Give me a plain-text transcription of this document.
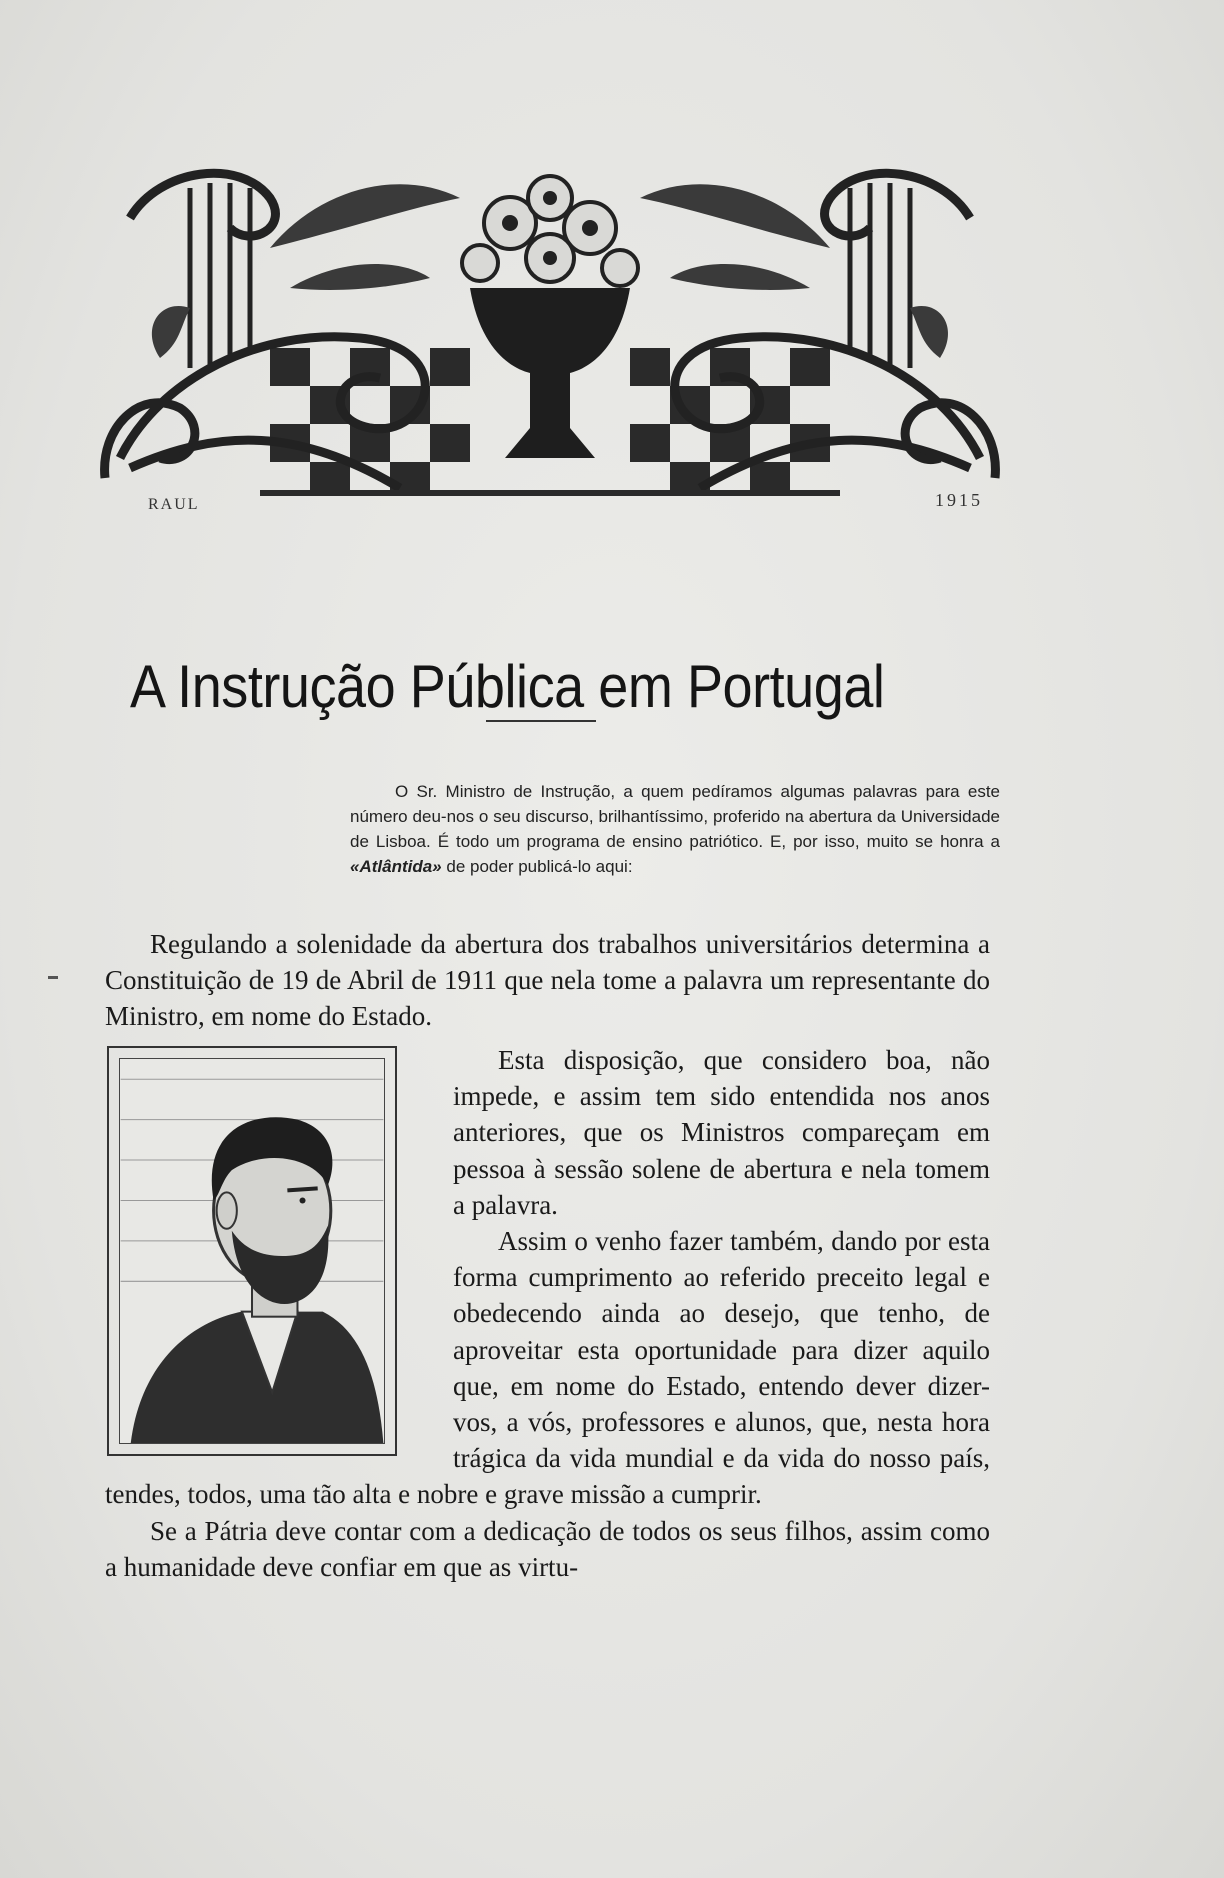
RAUL	1915
A Instrução Pública em Portugal

O Sr. Ministro de Instrução, a quem pedíramos algumas palavras para este número deu-nos o seu discurso, brilhantíssimo, proferido na abertura da Universidade de Lisboa. É todo um programa de ensino patriótico. E, por isso, muito se honra a «Atlântida» de poder publicá-lo aqui:

Regulando a solenidade da abertura dos trabalhos universitários determina a Constituição de 19 de Abril de 1911 que nela tome a palavra um representante do Ministro, em nome do Estado.

Esta disposição, que considero boa, não impede, e assim tem sido entendida nos anos anteriores, que os Ministros compareçam em pessoa à sessão solene de abertura e nela tomem a palavra.

Assim o venho fazer também, dando por esta forma cumprimento ao referido preceito legal e obedecendo ainda ao desejo, que tenho, de aproveitar esta oportunidade para dizer aquilo que, em nome do Estado, entendo dever dizer-vos, a vós, professores e alunos, que, nesta hora trágica da vida mundial e da vida do nosso país, tendes, todos, uma tão alta e nobre e grave missão a cumprir.

Se a Pátria deve contar com a dedicação de todos os seus filhos, assim como a humanidade deve confiar em que as virtu-
